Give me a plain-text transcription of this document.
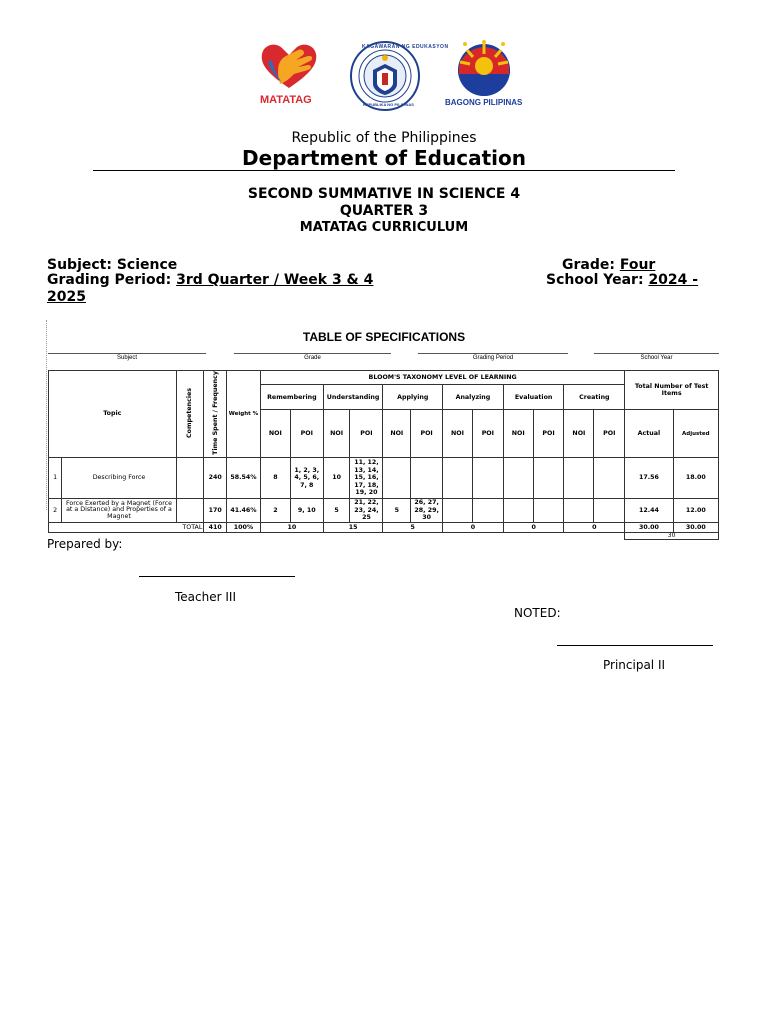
MATATAG
KAGAWARAN NG EDUKASYON
REPUBLIKA NG PILIPINAS	BAGONG PILIPINAS
Republic of the Philippines
Department of Education
SECOND SUMMATIVE IN SCIENCE 4
QUARTER 3
MATATAG CURRICULUM
Subject: Science	Grade: Four
Grading Period: 3rd Quarter / Week 3 & 4	School Year: 2024 -
2025
TABLE OF SPECIFICATIONS
Subject	Grade	Grading Period	School Year
Topic		Competencies	Time Spent / Frequency	Weight %	BLOOM'S TAXONOMY LEVEL OF LEARNING												Total Number of Test Items	
					Remembering		Understanding		Applying		Analyzing		Evaluation		Creating			
					NOI	POI	NOI	POI	NOI	POI	NOI	POI	NOI	POI	NOI	POI	Actual	Adjusted
1	Describing Force		240	58.54%	8	1, 2, 3, 4, 5, 6, 7, 8	10	11, 12, 13, 14, 15, 16, 17, 18, 19, 20									17.56	18.00
2	Force Exerted by a Magnet (Force at a Distance) and Properties of a Magnet		170	41.46%	2	9, 10	5	21, 22, 23, 24, 25	5	26, 27, 28, 29, 30							12.44	12.00
TOTAL			410	100%	10		15		5		0		0		0		30.00	30.00
																	30	
Prepared by:
Teacher III
NOTED:
Principal II
